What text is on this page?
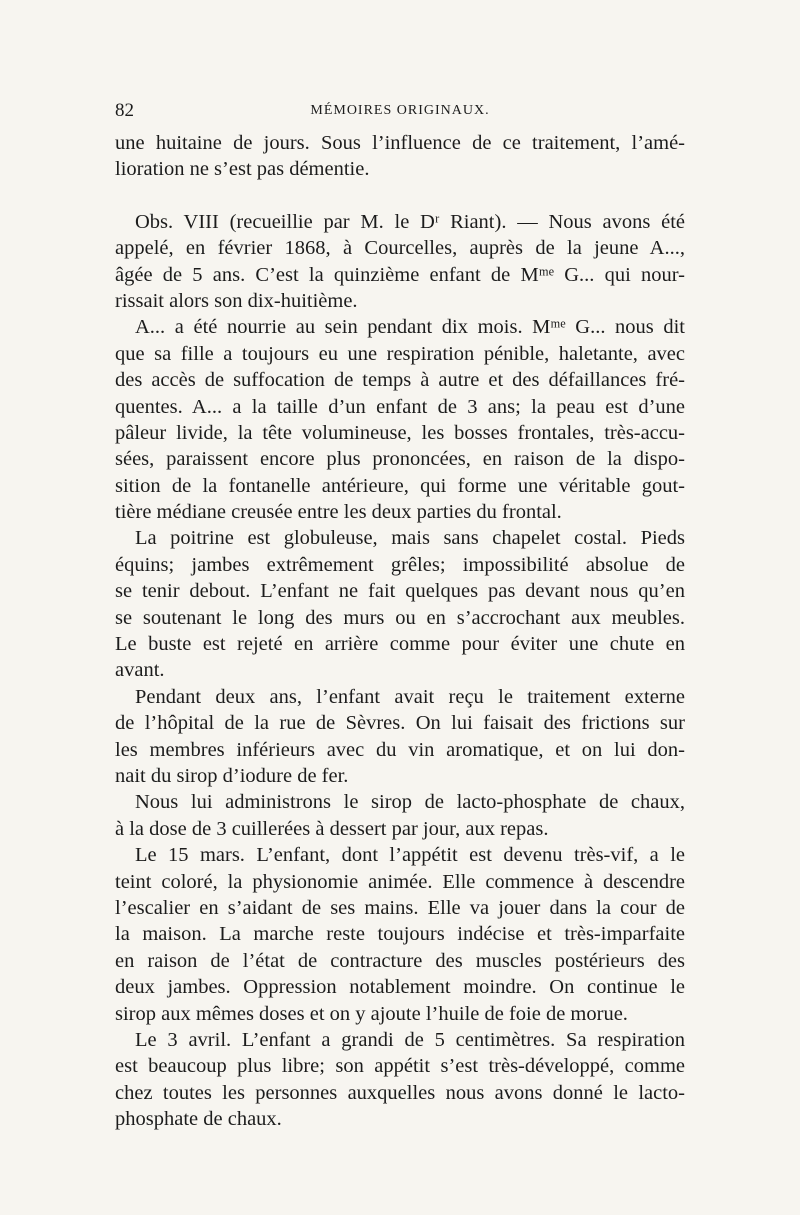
82	MÉMOIRES ORIGINAUX.
une huitaine de jours. Sous l’influence de ce traitement, l’amé-
lioration ne s’est pas démentie.
Obs. VIII (recueillie par M. le Dʳ Riant). — Nous avons été
appelé, en février 1868, à Courcelles, auprès de la jeune A...,
âgée de 5 ans. C’est la quinzième enfant de Mᵐᵉ G... qui nour-
rissait alors son dix-huitième.
A... a été nourrie au sein pendant dix mois. Mᵐᵉ G... nous dit
que sa fille a toujours eu une respiration pénible, haletante, avec
des accès de suffocation de temps à autre et des défaillances fré-
quentes. A... a la taille d’un enfant de 3 ans; la peau est d’une
pâleur livide, la tête volumineuse, les bosses frontales, très-accu-
sées, paraissent encore plus prononcées, en raison de la dispo-
sition de la fontanelle antérieure, qui forme une véritable gout-
tière médiane creusée entre les deux parties du frontal.
La poitrine est globuleuse, mais sans chapelet costal. Pieds
équins; jambes extrêmement grêles; impossibilité absolue de
se tenir debout. L’enfant ne fait quelques pas devant nous qu’en
se soutenant le long des murs ou en s’accrochant aux meubles.
Le buste est rejeté en arrière comme pour éviter une chute en
avant.
Pendant deux ans, l’enfant avait reçu le traitement externe
de l’hôpital de la rue de Sèvres. On lui faisait des frictions sur
les membres inférieurs avec du vin aromatique, et on lui don-
nait du sirop d’iodure de fer.
Nous lui administrons le sirop de lacto-phosphate de chaux,
à la dose de 3 cuillerées à dessert par jour, aux repas.
Le 15 mars. L’enfant, dont l’appétit est devenu très-vif, a le
teint coloré, la physionomie animée. Elle commence à descendre
l’escalier en s’aidant de ses mains. Elle va jouer dans la cour de
la maison. La marche reste toujours indécise et très-imparfaite
en raison de l’état de contracture des muscles postérieurs des
deux jambes. Oppression notablement moindre. On continue le
sirop aux mêmes doses et on y ajoute l’huile de foie de morue.
Le 3 avril. L’enfant a grandi de 5 centimètres. Sa respiration
est beaucoup plus libre; son appétit s’est très-développé, comme
chez toutes les personnes auxquelles nous avons donné le lacto-
phosphate de chaux.
